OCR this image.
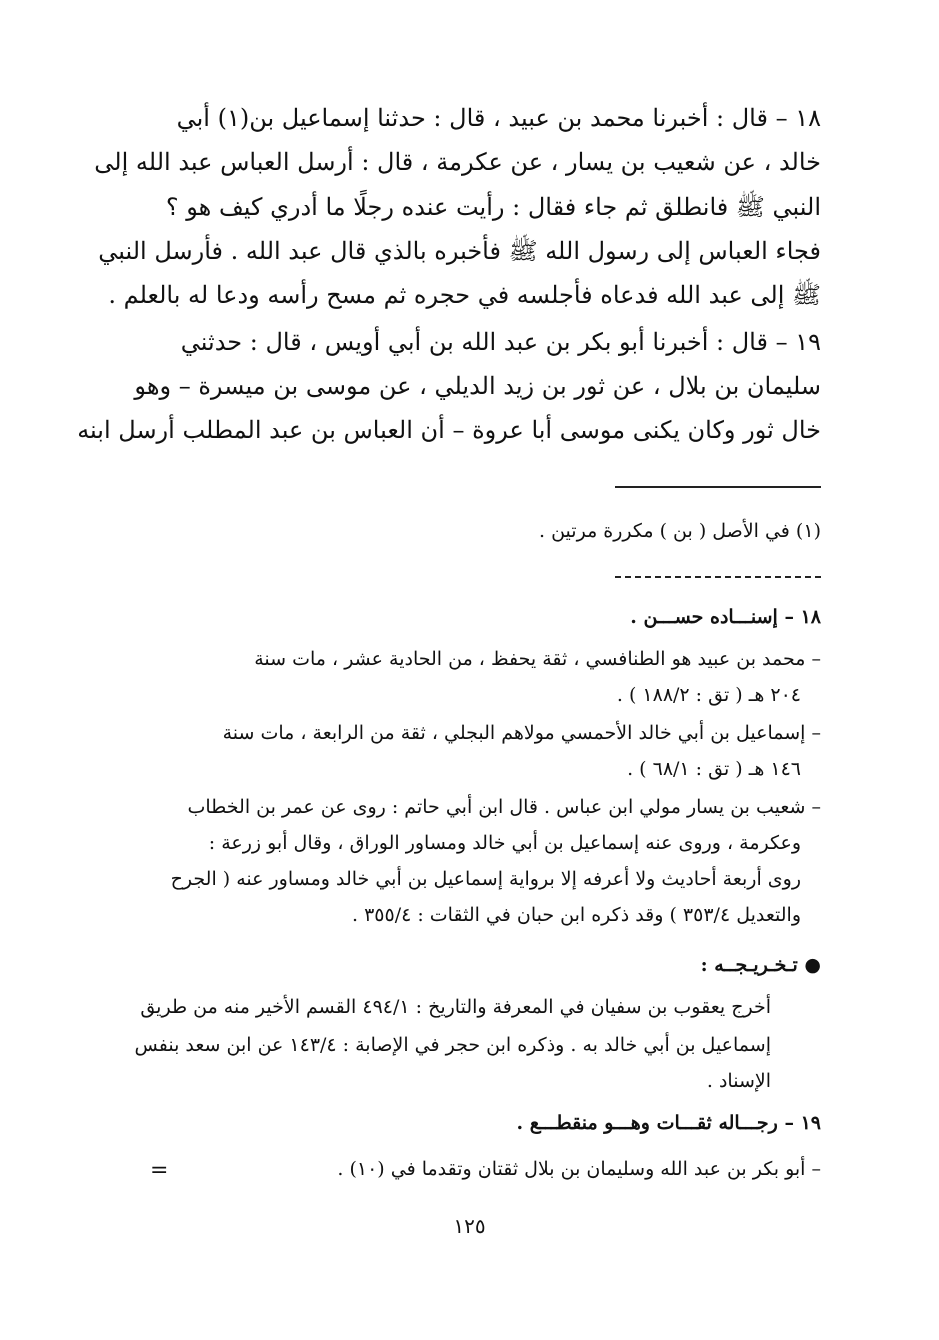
١٨ – قال : أخبرنا محمد بن عبيد ، قال : حدثنا إسماعيل بن(١) أبي
خالد ، عن شعيب بن يسار ، عن عكرمة ، قال : أرسل العباس عبد الله إلى
النبي ﷺ فانطلق ثم جاء فقال : رأيت عنده رجلًا ما أدري كيف هو ؟
فجاء العباس إلى رسول الله ﷺ فأخبره بالذي قال عبد الله . فأرسل النبي
ﷺ إلى عبد الله فدعاه فأجلسه في حجره ثم مسح رأسه ودعا له بالعلم .
١٩ – قال : أخبرنا أبو بكر بن عبد الله بن أبي أويس ، قال : حدثني
سليمان بن بلال ، عن ثور بن زيد الديلي ، عن موسى بن ميسرة – وهو
خال ثور وكان يكنى موسى أبا عروة – أن العباس بن عبد المطلب أرسل ابنه
(١) في الأصل ( بن ) مكررة مرتين .
١٨ – إسنـــاده حســـن .
– محمد بن عبيد هو الطنافسي ، ثقة يحفظ ، من الحادية عشر ، مات سنة
٢٠٤ هـ ( تق : ١٨٨/٢ ) .
– إسماعيل بن أبي خالد الأحمسي مولاهم البجلي ، ثقة من الرابعة ، مات سنة
١٤٦ هـ ( تق : ٦٨/١ ) .
– شعيب بن يسار مولي ابن عباس . قال ابن أبي حاتم : روى عن عمر بن الخطاب
وعكرمة ، وروى عنه إسماعيل بن أبي خالد ومساور الوراق ، وقال أبو زرعة :
روى أربعة أحاديث ولا أعرفه إلا برواية إسماعيل بن أبي خالد ومساور عنه ( الجرح
والتعديل ٣٥٣/٤ ) وقد ذكره ابن حبان في الثقات : ٣٥٥/٤ .
● تـخـريـجــه :
أخرج يعقوب بن سفيان في المعرفة والتاريخ : ٤٩٤/١ القسم الأخير منه من طريق
إسماعيل بن أبي خالد به . وذكره ابن حجر في الإصابة : ١٤٣/٤ عن ابن سعد بنفس
الإسناد .
١٩ – رجـــاله ثقـــات وهـــو منقطـــع .
– أبو بكر بن عبد الله وسليمان بن بلال ثقتان وتقدما في (١٠) .
=
١٢٥
